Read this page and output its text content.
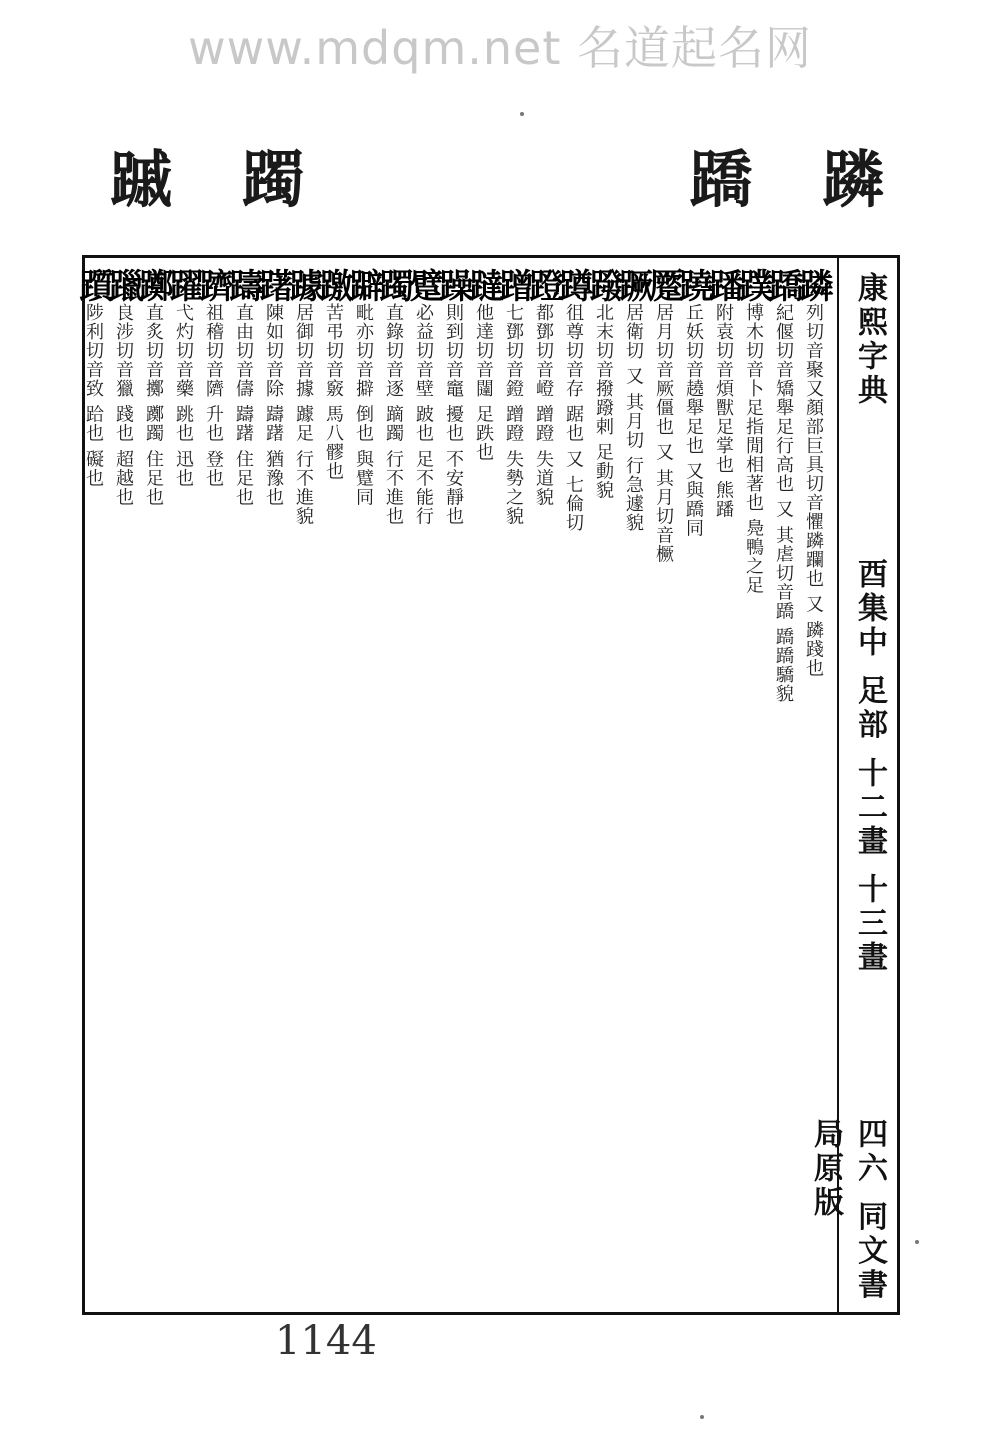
www.mdqm.net 名道起名网
䠞 躅	蹻 蹸
康熙字典
酉集中 足部 十二畫 十三畫
四六 同文書局原版
蹸列切音聚又顏部巨具切音懼蹸躝也 又 蹸踐也
蹻紀偃切音矯舉足行高也 又 其虐切音蹻 蹻蹻驕貌
蹼博木切音卜足指閒相著也 鳧鴨之足
蹯附袁切音煩獸足掌也 熊蹯
蹺丘妖切音趬舉足也 又與蹻同
蹷居月切音厥僵也 又 其月切音橛
蹶居衛切 又 其月切 行急遽貌
蹳北末切音撥蹳剌 足動貌
蹲徂尊切音存 踞也 又 七倫切
蹬都鄧切音嶝 蹭蹬 失道貌
蹭七鄧切音鐙 蹭蹬 失勢之貌
躂他達切音闥 足跌也
躁則到切音竈 擾也 不安靜也
躄必益切音壁 跛也 足不能行
躅直錄切音逐 蹢躅 行不進也
躃毗亦切音擗 倒也 與躄同
躈苦弔切音竅 馬八髎也
躆居御切音據 躆足 行不進貌
躇陳如切音除 躊躇 猶豫也
躊直由切音儔 躊躇 住足也
躋祖稽切音隮 升也 登也
躍弋灼切音藥 跳也 迅也
躑直炙切音擲 躑躅 住足也
躐良涉切音獵 踐也 超越也
躓陟利切音致 跲也 礙也
1144
